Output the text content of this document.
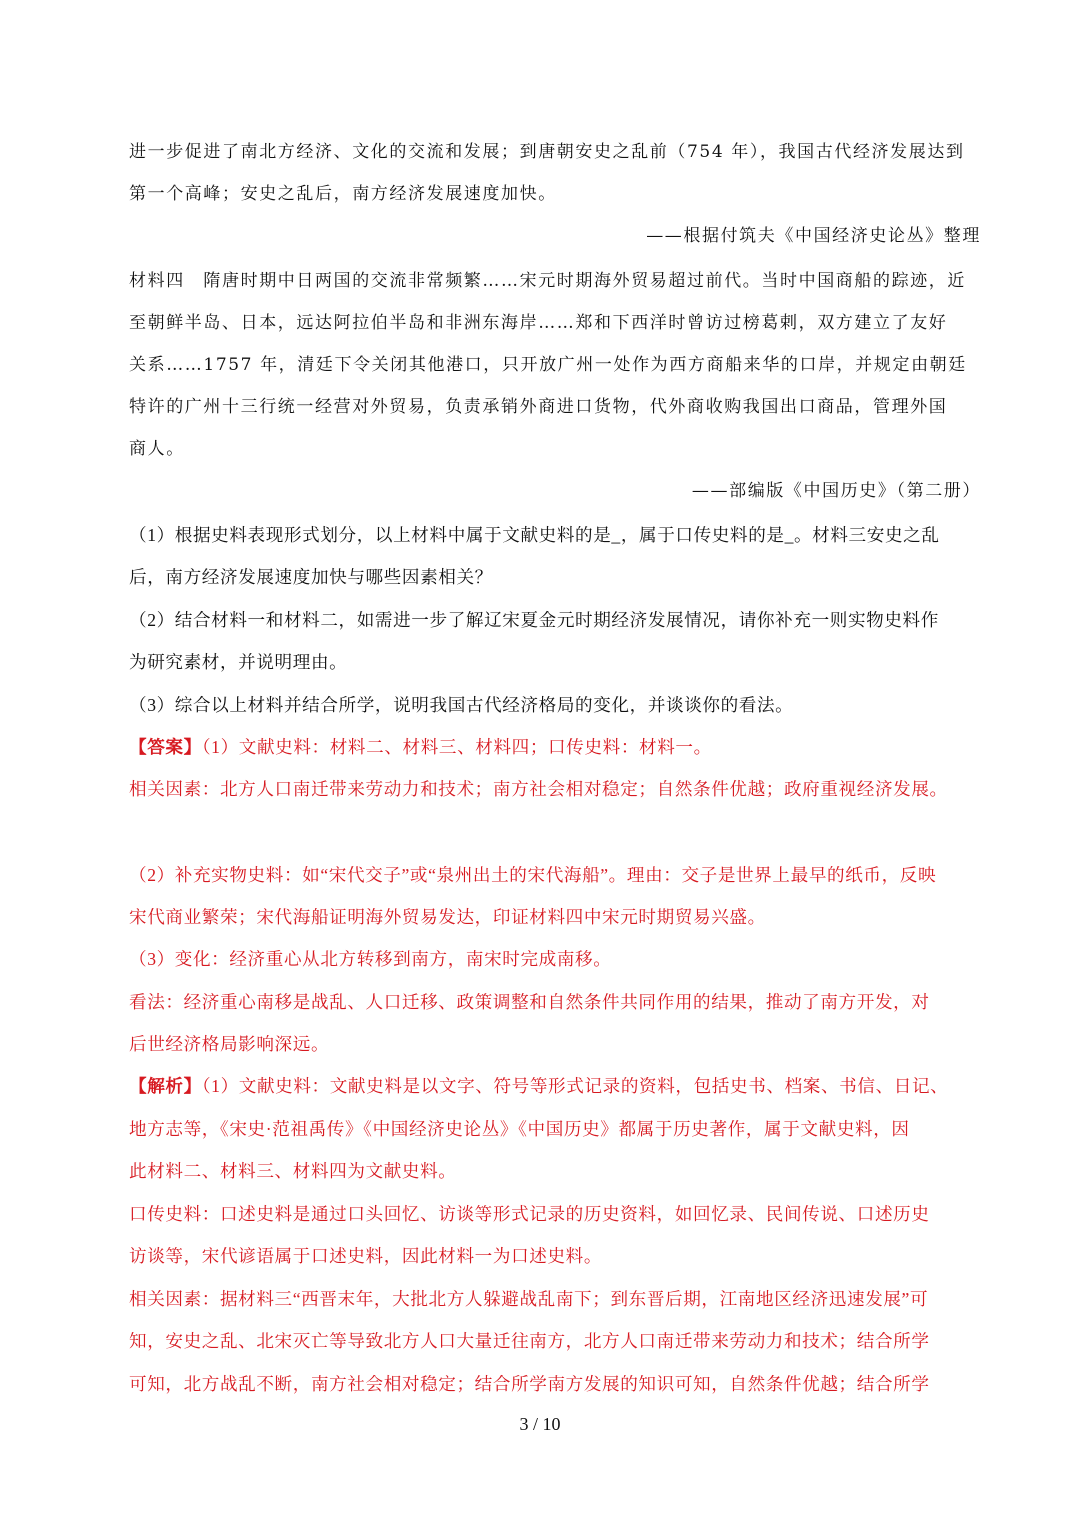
进一步促进了南北方经济、文化的交流和发展；到唐朝安史之乱前（754 年），我国古代经济发展达到
第一个高峰；安史之乱后，南方经济发展速度加快。
——根据付筑夫《中国经济史论丛》整理
材料四　隋唐时期中日两国的交流非常频繁……宋元时期海外贸易超过前代。当时中国商船的踪迹，近
至朝鲜半岛、日本，远达阿拉伯半岛和非洲东海岸……郑和下西洋时曾访过榜葛剌，双方建立了友好
关系……1757 年，清廷下令关闭其他港口，只开放广州一处作为西方商船来华的口岸，并规定由朝廷
特许的广州十三行统一经营对外贸易，负责承销外商进口货物，代外商收购我国出口商品，管理外国
商人。
——部编版《中国历史》（第二册）
（1）根据史料表现形式划分，以上材料中属于文献史料的是_，属于口传史料的是_。材料三安史之乱
后，南方经济发展速度加快与哪些因素相关？
（2）结合材料一和材料二，如需进一步了解辽宋夏金元时期经济发展情况，请你补充一则实物史料作
为研究素材，并说明理由。
（3）综合以上材料并结合所学，说明我国古代经济格局的变化，并谈谈你的看法。
【答案】（1）文献史料：材料二、材料三、材料四；口传史料：材料一。
相关因素：北方人口南迁带来劳动力和技术；南方社会相对稳定；自然条件优越；政府重视经济发展。
（2）补充实物史料：如“宋代交子”或“泉州出土的宋代海船”。理由：交子是世界上最早的纸币，反映
宋代商业繁荣；宋代海船证明海外贸易发达，印证材料四中宋元时期贸易兴盛。
（3）变化：经济重心从北方转移到南方，南宋时完成南移。
看法：经济重心南移是战乱、人口迁移、政策调整和自然条件共同作用的结果，推动了南方开发，对
后世经济格局影响深远。
【解析】（1）文献史料：文献史料是以文字、符号等形式记录的资料，包括史书、档案、书信、日记、
地方志等，《宋史·范祖禹传》《中国经济史论丛》《中国历史》都属于历史著作，属于文献史料，因
此材料二、材料三、材料四为文献史料。
口传史料：口述史料是通过口头回忆、访谈等形式记录的历史资料，如回忆录、民间传说、口述历史
访谈等，宋代谚语属于口述史料，因此材料一为口述史料。
相关因素：据材料三“西晋末年，大批北方人躲避战乱南下；到东晋后期，江南地区经济迅速发展”可
知，安史之乱、北宋灭亡等导致北方人口大量迁往南方，北方人口南迁带来劳动力和技术；结合所学
可知，北方战乱不断，南方社会相对稳定；结合所学南方发展的知识可知，自然条件优越；结合所学
3 / 10
